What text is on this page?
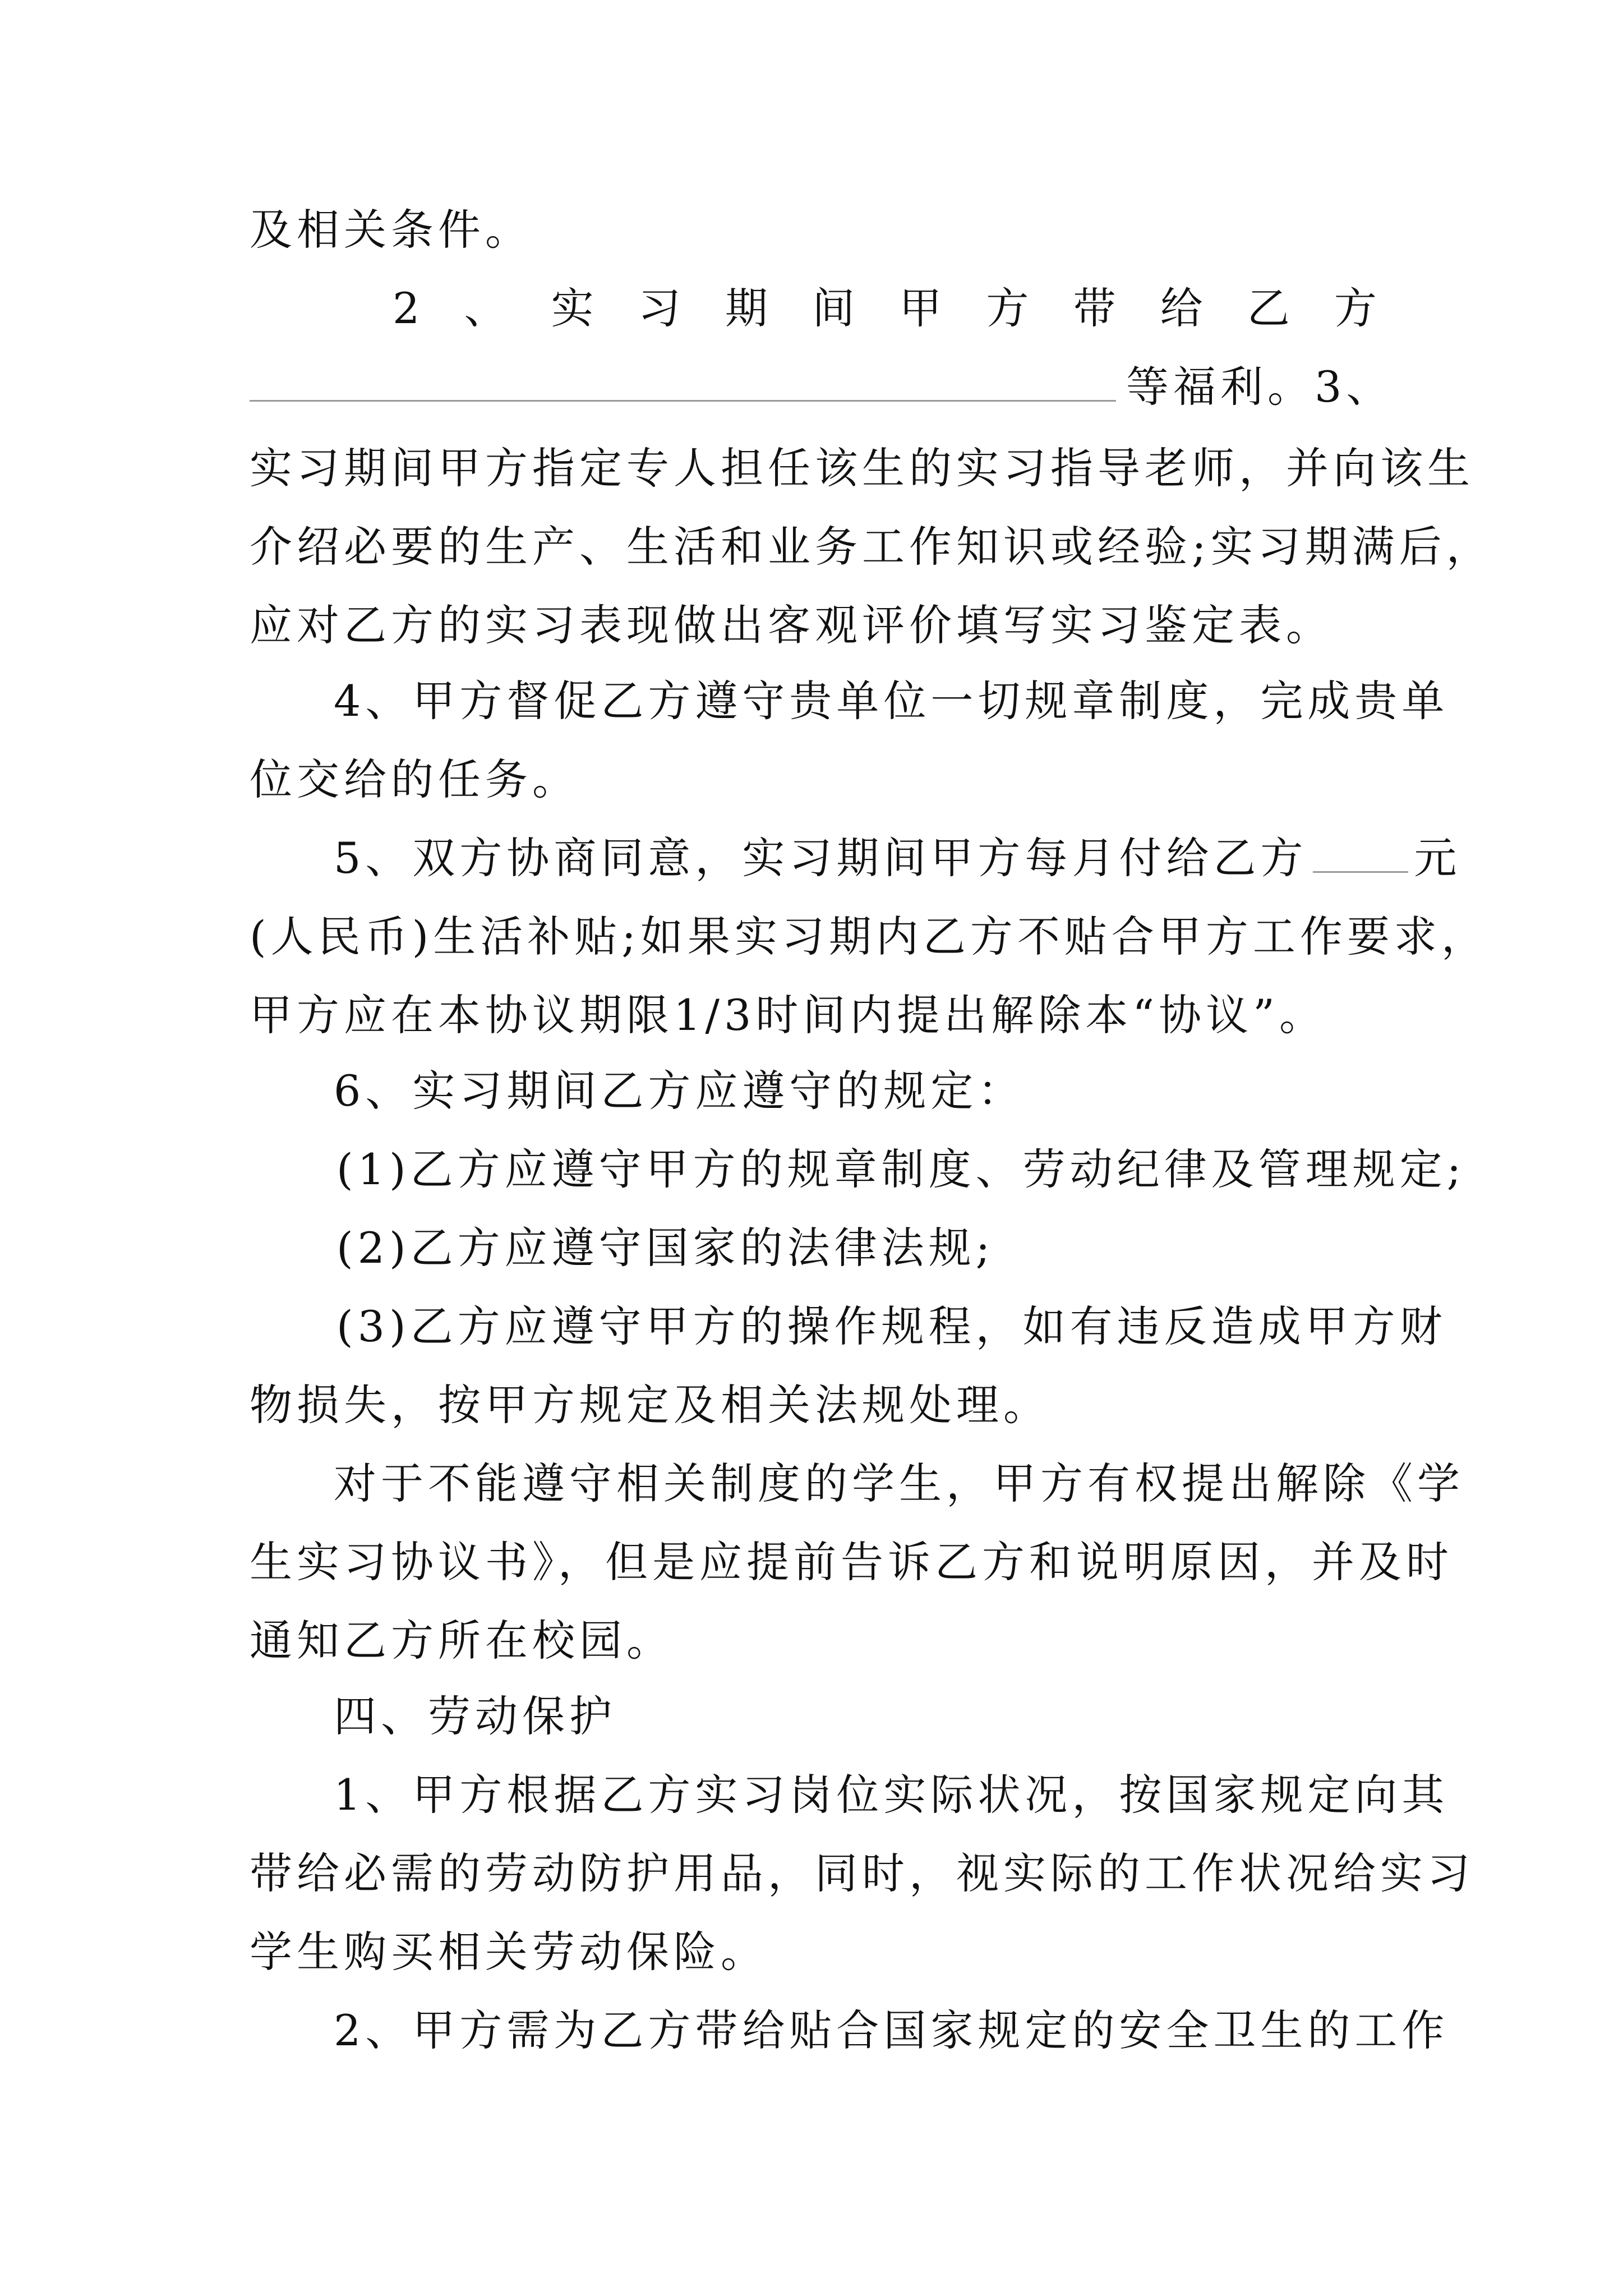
及相关条件。
2 、 实 习 期 间 甲 方 带 给 乙 方
等福利。3、
实习期间甲方指定专人担任该生的实习指导老师，并向该生
介绍必要的生产、生活和业务工作知识或经验;实习期满后，
应对乙方的实习表现做出客观评价填写实习鉴定表。
4、甲方督促乙方遵守贵单位一切规章制度，完成贵单
位交给的任务。
5、双方协商同意，实习期间甲方每月付给乙方	元
(人民币)生活补贴;如果实习期内乙方不贴合甲方工作要求，
甲方应在本协议期限1/3时间内提出解除本“协议”。
6、实习期间乙方应遵守的规定：
(1)乙方应遵守甲方的规章制度、劳动纪律及管理规定;
(2)乙方应遵守国家的法律法规;
(3)乙方应遵守甲方的操作规程，如有违反造成甲方财
物损失，按甲方规定及相关法规处理。
对于不能遵守相关制度的学生，甲方有权提出解除《学
生实习协议书》，但是应提前告诉乙方和说明原因，并及时
通知乙方所在校园。
四、劳动保护
1、甲方根据乙方实习岗位实际状况，按国家规定向其
带给必需的劳动防护用品，同时，视实际的工作状况给实习
学生购买相关劳动保险。
2、甲方需为乙方带给贴合国家规定的安全卫生的工作
